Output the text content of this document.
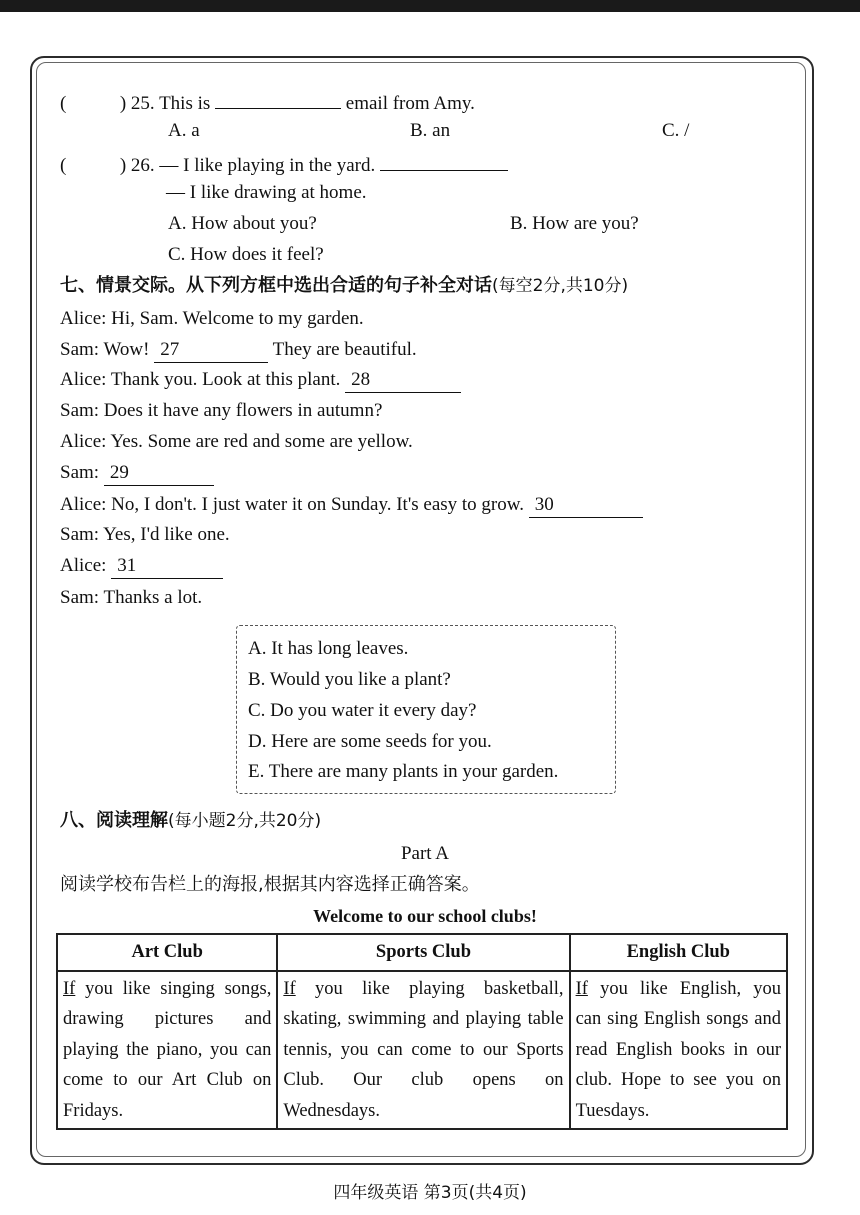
(	) 25. This is	email from Amy.
A. a	B. an	C. /
(	) 26. — I like playing in the yard.
— I like drawing at home.
A. How about you?	B. How are you?
C. How does it feel?
七、情景交际。从下列方框中选出合适的句子补全对话(每空2分,共10分)
Alice: Hi, Sam. Welcome to my garden.
Sam: Wow! 27	They are beautiful.
Alice: Thank you. Look at this plant. 28
Sam: Does it have any flowers in autumn?
Alice: Yes. Some are red and some are yellow.
Sam: 29
Alice: No, I don't. I just water it on Sunday. It's easy to grow. 30
Sam: Yes, I'd like one.
Alice: 31
Sam: Thanks a lot.
A. It has long leaves.
B. Would you like a plant?
C. Do you water it every day?
D. Here are some seeds for you.
E. There are many plants in your garden.
八、阅读理解(每小题2分,共20分)
Part A
阅读学校布告栏上的海报,根据其内容选择正确答案。
Welcome to our school clubs!
Art Club	Sports Club	English Club
If you like singing songs, drawing pictures and playing the piano, you can come to our Art Club on Fridays.	If you like playing basketball, skating, swimming and playing table tennis, you can come to our Sports Club. Our club opens on Wednesdays.	If you like English, you can sing English songs and read English books in our club. Hope to see you on Tuesdays.
四年级英语 第3页(共4页)
